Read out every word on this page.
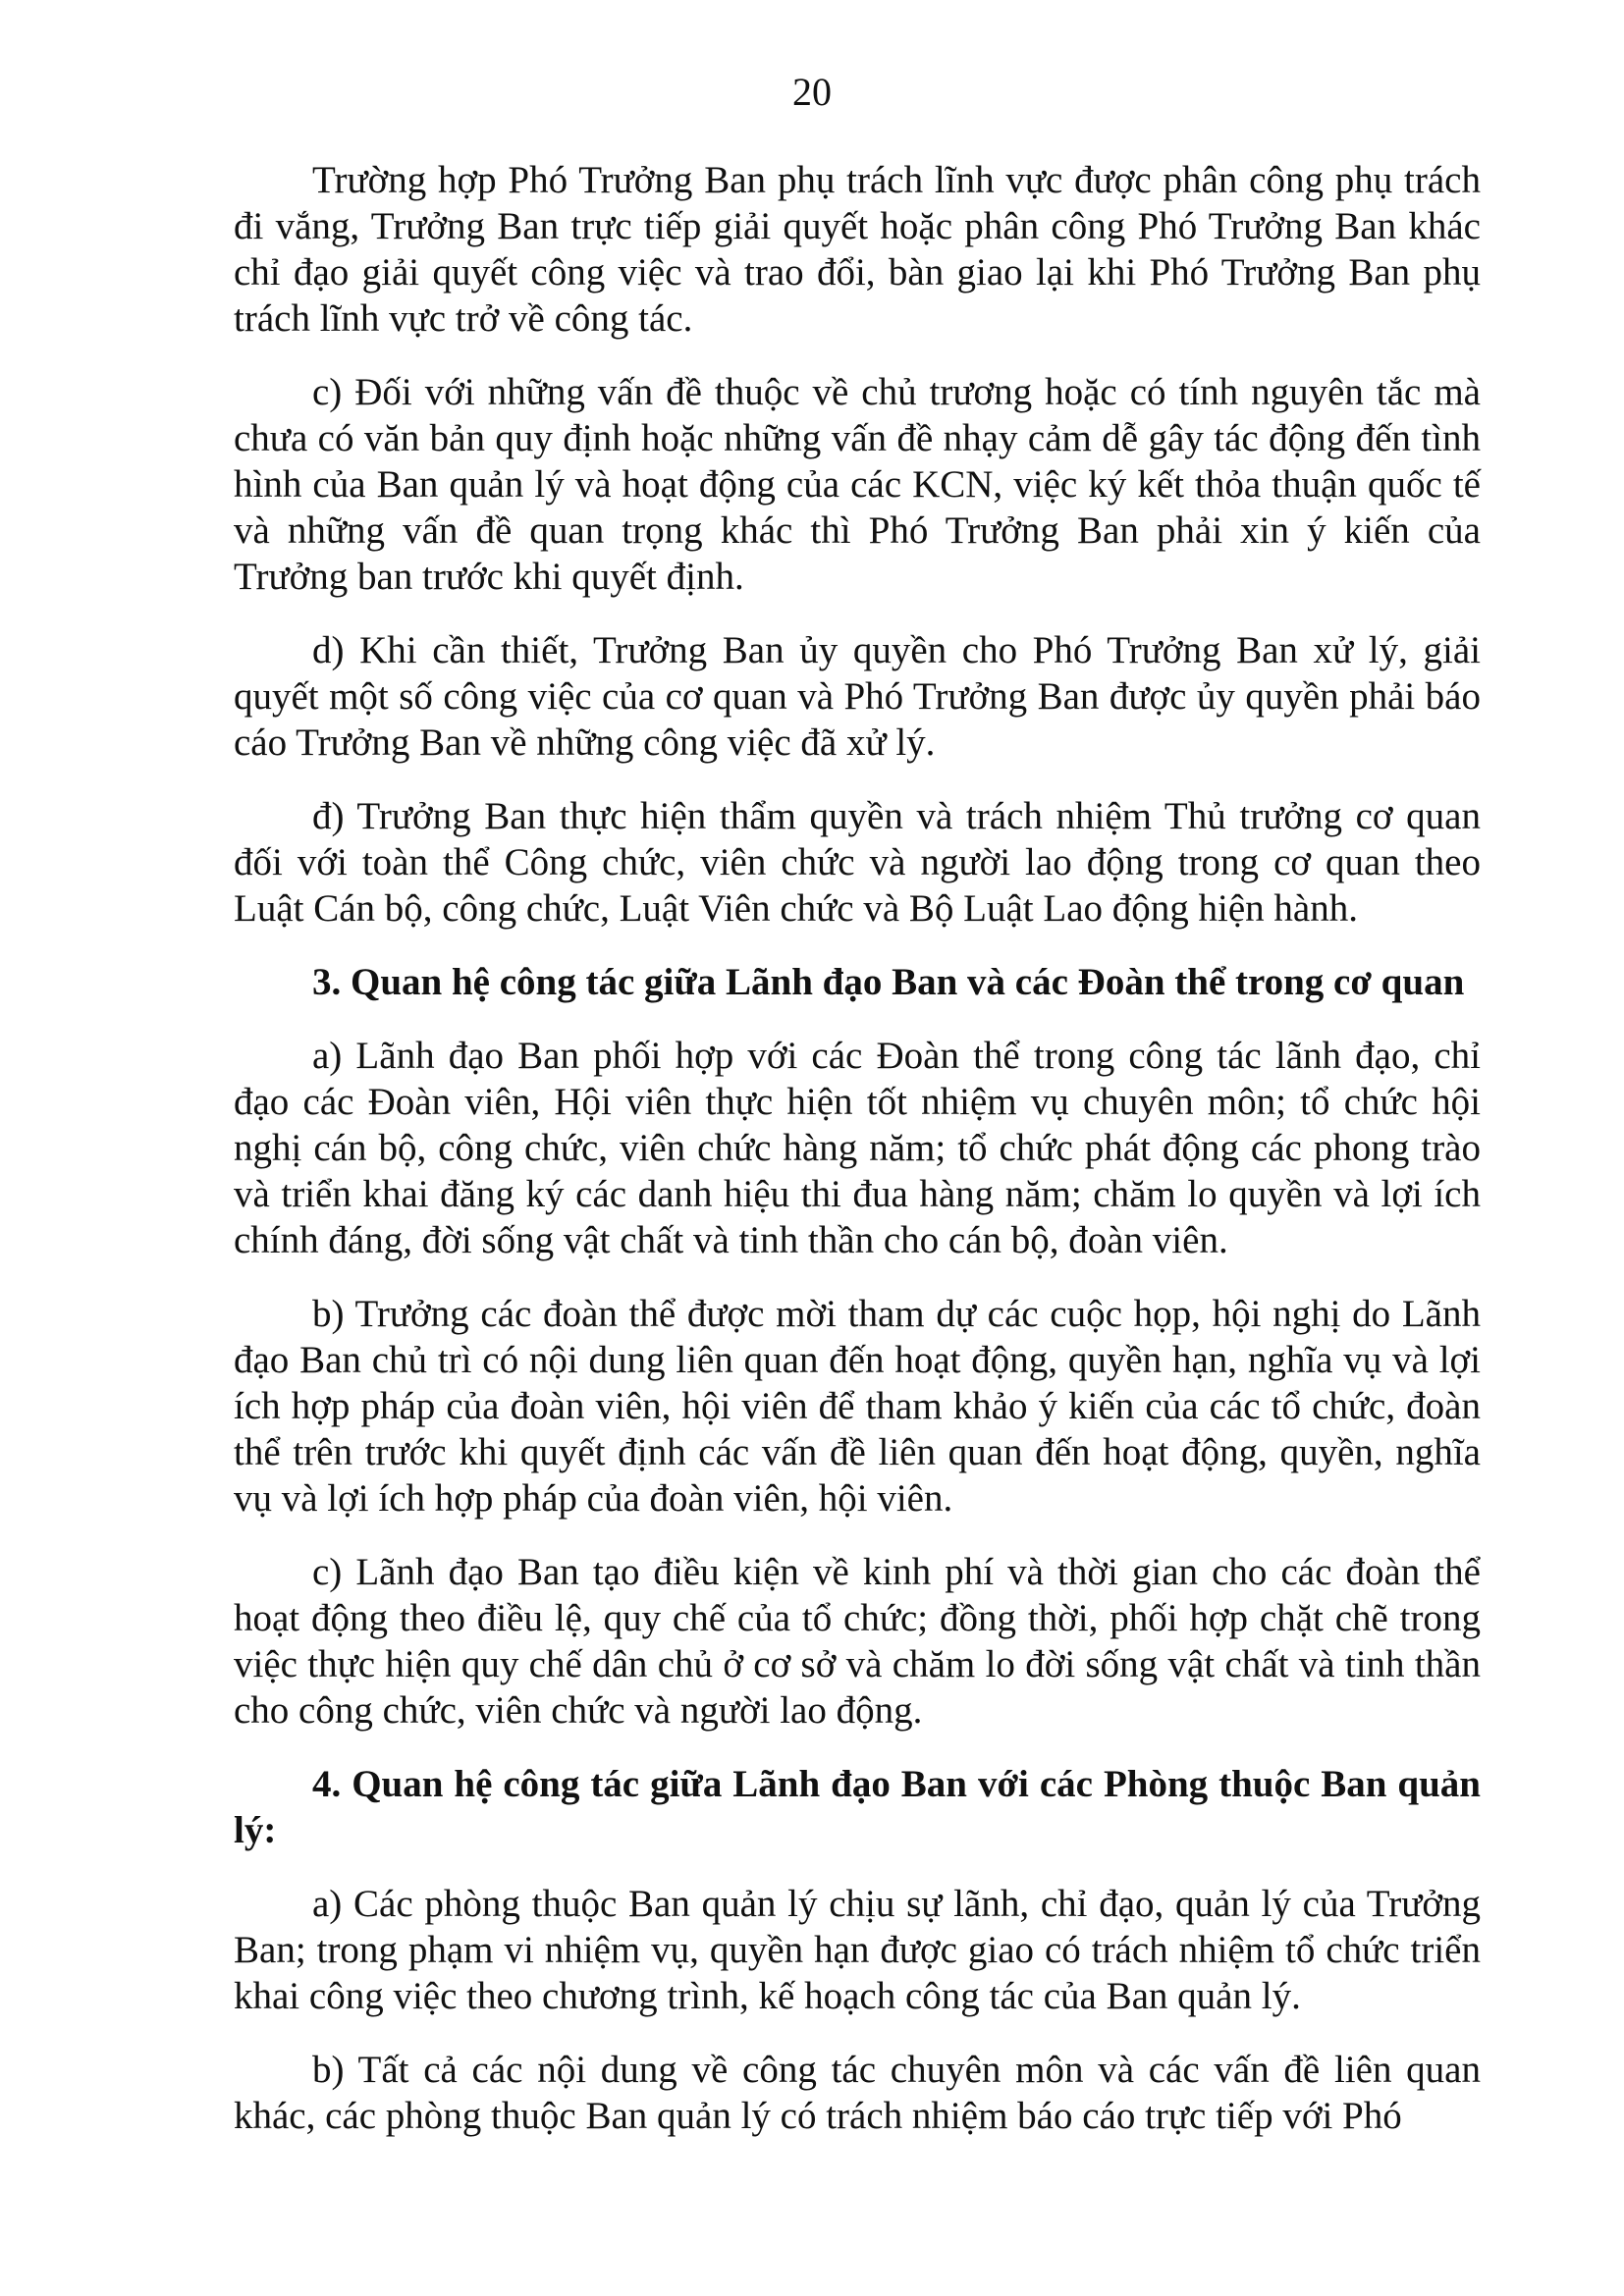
20

Trường hợp Phó Trưởng Ban phụ trách lĩnh vực được phân công phụ trách đi vắng, Trưởng Ban trực tiếp giải quyết hoặc phân công Phó Trưởng Ban khác chỉ đạo giải quyết công việc và trao đổi, bàn giao lại khi Phó Trưởng Ban phụ trách lĩnh vực trở về công tác.

c) Đối với những vấn đề thuộc về chủ trương hoặc có tính nguyên tắc mà chưa có văn bản quy định hoặc những vấn đề nhạy cảm dễ gây tác động đến tình hình của Ban quản lý và hoạt động của các KCN, việc ký kết thỏa thuận quốc tế và những vấn đề quan trọng khác thì Phó Trưởng Ban phải xin ý kiến của Trưởng ban trước khi quyết định.

d) Khi cần thiết, Trưởng Ban ủy quyền cho Phó Trưởng Ban xử lý, giải quyết một số công việc của cơ quan và Phó Trưởng Ban được ủy quyền phải báo cáo Trưởng Ban về những công việc đã xử lý.

đ) Trưởng Ban thực hiện thẩm quyền và trách nhiệm Thủ trưởng cơ quan đối với toàn thể Công chức, viên chức và người lao động trong cơ quan theo Luật Cán bộ, công chức, Luật Viên chức và Bộ Luật Lao động hiện hành.

3. Quan hệ công tác giữa Lãnh đạo Ban và các Đoàn thể trong cơ quan

a) Lãnh đạo Ban phối hợp với các Đoàn thể trong công tác lãnh đạo, chỉ đạo các Đoàn viên, Hội viên thực hiện tốt nhiệm vụ chuyên môn; tổ chức hội nghị cán bộ, công chức, viên chức hàng năm; tổ chức phát động các phong trào và triển khai đăng ký các danh hiệu thi đua hàng năm; chăm lo quyền và lợi ích chính đáng, đời sống vật chất và tinh thần cho cán bộ, đoàn viên.

b) Trưởng các đoàn thể được mời tham dự các cuộc họp, hội nghị do Lãnh đạo Ban chủ trì có nội dung liên quan đến hoạt động, quyền hạn, nghĩa vụ và lợi ích hợp pháp của đoàn viên, hội viên để tham khảo ý kiến của các tổ chức, đoàn thể trên trước khi quyết định các vấn đề liên quan đến hoạt động, quyền, nghĩa vụ và lợi ích hợp pháp của đoàn viên, hội viên.

c) Lãnh đạo Ban tạo điều kiện về kinh phí và thời gian cho các đoàn thể hoạt động theo điều lệ, quy chế của tổ chức; đồng thời, phối hợp chặt chẽ trong việc thực hiện quy chế dân chủ ở cơ sở và chăm lo đời sống vật chất và tinh thần cho công chức, viên chức và người lao động.

4. Quan hệ công tác giữa Lãnh đạo Ban với các Phòng thuộc Ban quản lý:

a) Các phòng thuộc Ban quản lý chịu sự lãnh, chỉ đạo, quản lý của Trưởng Ban; trong phạm vi nhiệm vụ, quyền hạn được giao có trách nhiệm tổ chức triển khai công việc theo chương trình, kế hoạch công tác của Ban quản lý.

b) Tất cả các nội dung về công tác chuyên môn và các vấn đề liên quan khác, các phòng thuộc Ban quản lý có trách nhiệm báo cáo trực tiếp với Phó
